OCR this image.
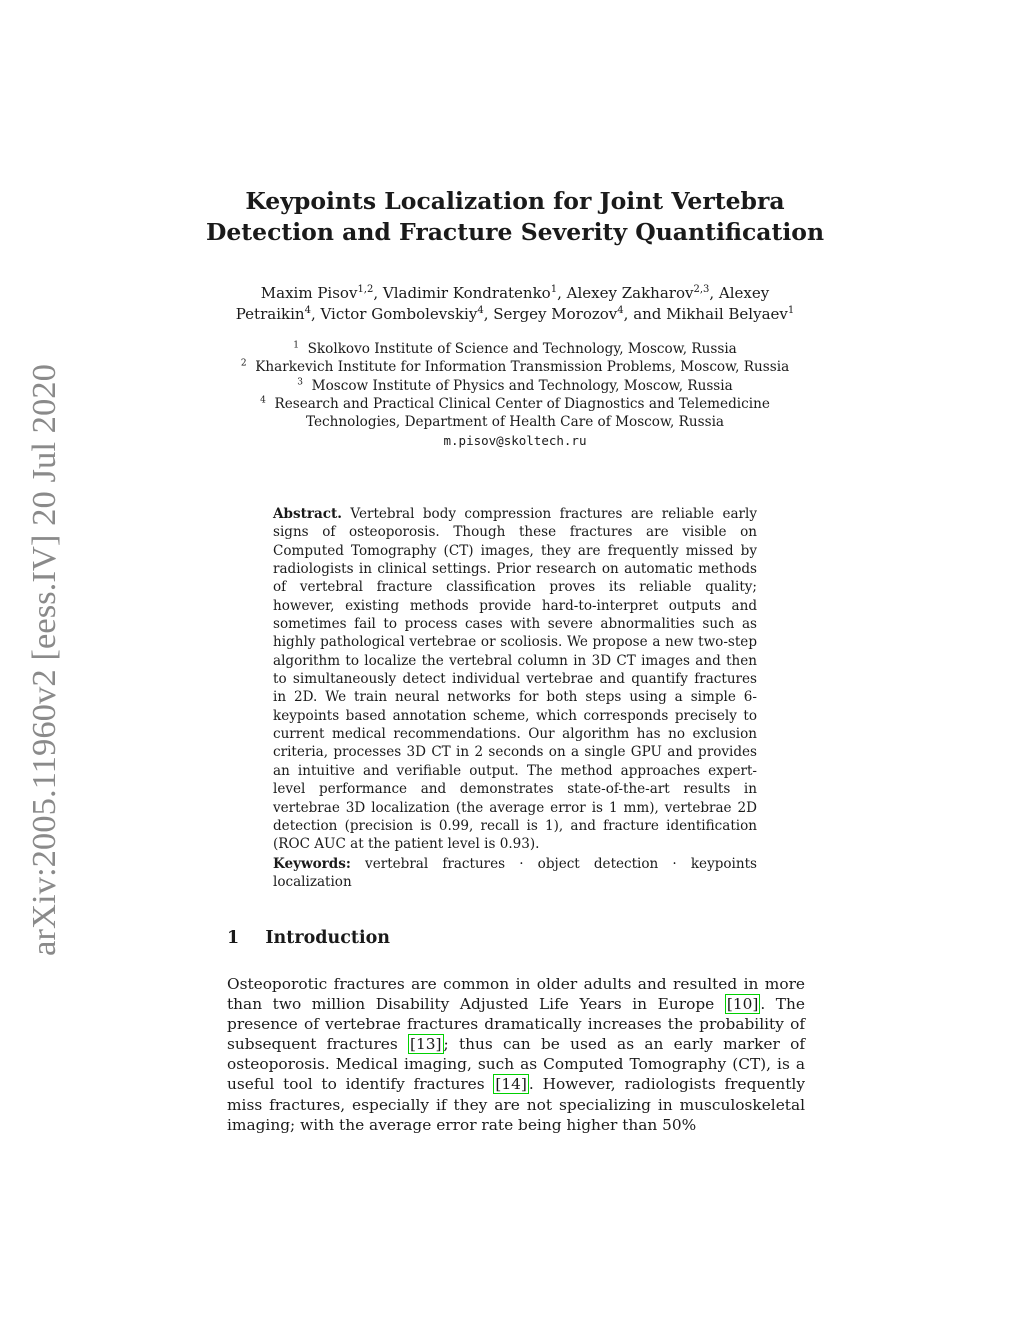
arXiv:2005.11960v2 [eess.IV] 20 Jul 2020
Keypoints Localization for Joint Vertebra
Detection and Fracture Severity Quantification
Maxim Pisov$^{1,2}$, Vladimir Kondratenko$^1$, Alexey Zakharov$^{2,3}$, Alexey
Petraikin$^4$, Victor Gombolevskiy$^4$, Sergey Morozov$^4$, and Mikhail Belyaev$^1$
$^1$ Skolkovo Institute of Science and Technology, Moscow, Russia
$^2$ Kharkevich Institute for Information Transmission Problems, Moscow, Russia
$^3$ Moscow Institute of Physics and Technology, Moscow, Russia
$^4$ Research and Practical Clinical Center of Diagnostics and Telemedicine
Technologies, Department of Health Care of Moscow, Russia
m.pisov@skoltech.ru
Abstract. Vertebral body compression fractures are reliable early signs of osteoporosis. Though these fractures are visible on Computed Tomography (CT) images, they are frequently missed by radiologists in clinical settings. Prior research on automatic methods of vertebral fracture classification proves its reliable quality; however, existing methods provide hard-to-interpret outputs and sometimes fail to process cases with severe abnormalities such as highly pathological vertebrae or scoliosis. We propose a new two-step algorithm to localize the vertebral column in 3D CT images and then to simultaneously detect individual vertebrae and quantify fractures in 2D. We train neural networks for both steps using a simple 6-keypoints based annotation scheme, which corresponds precisely to current medical recommendations. Our algorithm has no exclusion criteria, processes 3D CT in 2 seconds on a single GPU and provides an intuitive and verifiable output. The method approaches expert-level performance and demonstrates state-of-the-art results in vertebrae 3D localization (the average error is 1 mm), vertebrae 2D detection (precision is 0.99, recall is 1), and fracture identification (ROC AUC at the patient level is 0.93).
Keywords: vertebral fractures · object detection · keypoints localization
1 Introduction
Osteoporotic fractures are common in older adults and resulted in more than two million Disability Adjusted Life Years in Europe [10] . The presence of vertebrae fractures dramatically increases the probability of subsequent fractures [13] ; thus can be used as an early marker of osteoporosis. Medical imaging, such as Computed Tomography (CT), is a useful tool to identify fractures [14] . However, radiologists frequently miss fractures, especially if they are not specializing in musculoskeletal imaging; with the average error rate being higher than 50%
